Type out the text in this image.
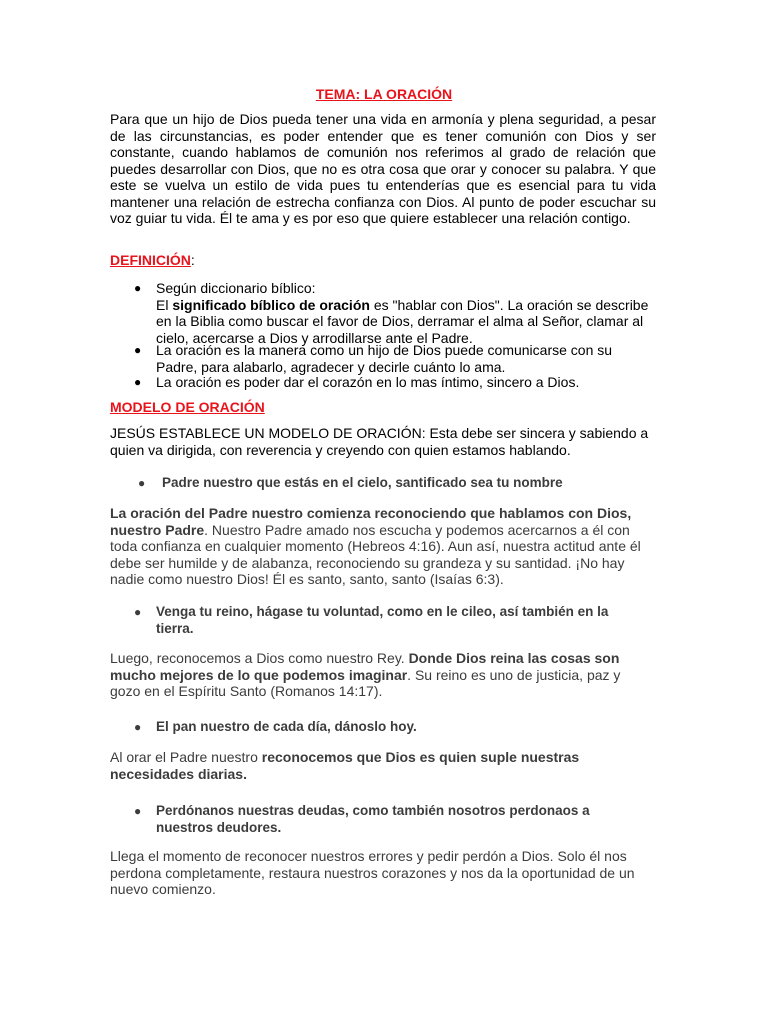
TEMA: LA ORACIÓN

Para que un hijo de Dios pueda tener una vida en armonía y plena seguridad, a pesar de las circunstancias, es poder entender que es tener comunión con Dios y ser constante, cuando hablamos de comunión nos referimos al grado de relación que puedes desarrollar con Dios, que no es otra cosa que orar y conocer su palabra. Y que este se vuelva un estilo de vida pues tu entenderías que es esencial para tu vida mantener una relación de estrecha confianza con Dios. Al punto de poder escuchar su voz guiar tu vida. Él te ama y es por eso que quiere establecer una relación contigo.

DEFINICIÓN:
● Según diccionario bíblico:
El significado bíblico de oración es "hablar con Dios". La oración se describe en la Biblia como buscar el favor de Dios, derramar el alma al Señor, clamar al cielo, acercarse a Dios y arrodillarse ante el Padre.
● La oración es la manera como un hijo de Dios puede comunicarse con su Padre, para alabarlo, agradecer y decirle cuánto lo ama.
● La oración es poder dar el corazón en lo mas íntimo, sincero a Dios.
MODELO DE ORACIÓN

JESÚS ESTABLECE UN MODELO DE ORACIÓN: Esta debe ser sincera y sabiendo a quien va dirigida, con reverencia y creyendo con quien estamos hablando.

● Padre nuestro que estás en el cielo, santificado sea tu nombre

La oración del Padre nuestro comienza reconociendo que hablamos con Dios, nuestro Padre. Nuestro Padre amado nos escucha y podemos acercarnos a él con toda confianza en cualquier momento (Hebreos 4:16). Aun así, nuestra actitud ante él debe ser humilde y de alabanza, reconociendo su grandeza y su santidad. ¡No hay nadie como nuestro Dios! Él es santo, santo, santo (Isaías 6:3).

● Venga tu reino, hágase tu voluntad, como en le cileo, así también en la tierra.

Luego, reconocemos a Dios como nuestro Rey. Donde Dios reina las cosas son mucho mejores de lo que podemos imaginar. Su reino es uno de justicia, paz y gozo en el Espíritu Santo (Romanos 14:17).

● El pan nuestro de cada día, dánoslo hoy.

Al orar el Padre nuestro reconocemos que Dios es quien suple nuestras necesidades diarias.

● Perdónanos nuestras deudas, como también nosotros perdonaos a nuestros deudores.

Llega el momento de reconocer nuestros errores y pedir perdón a Dios. Solo él nos perdona completamente, restaura nuestros corazones y nos da la oportunidad de un nuevo comienzo.
